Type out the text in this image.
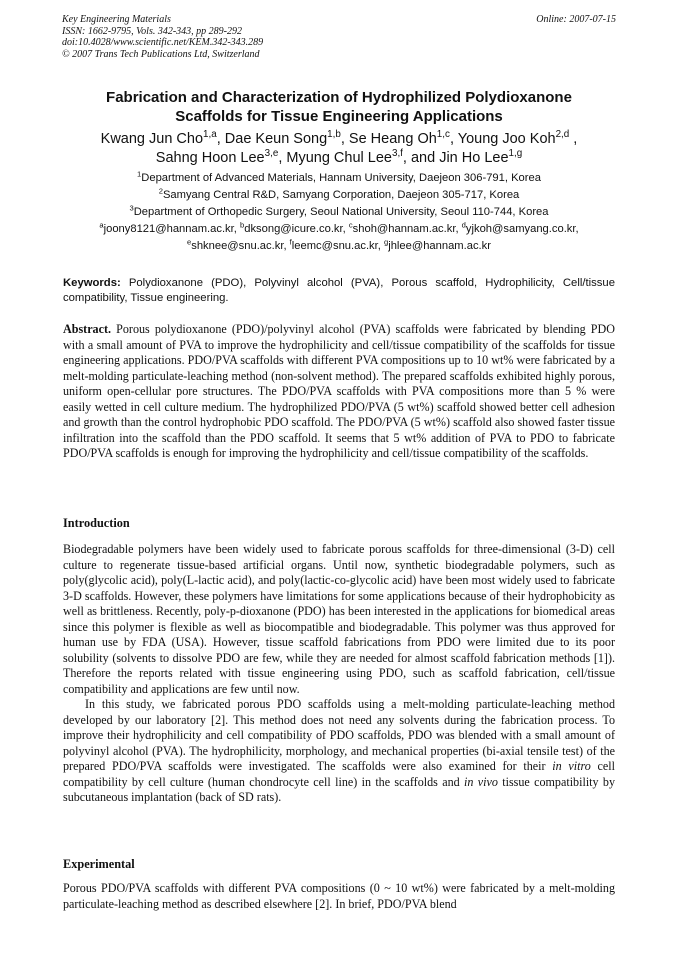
Key Engineering Materials
ISSN: 1662-9795, Vols. 342-343, pp 289-292
doi:10.4028/www.scientific.net/KEM.342-343.289
© 2007 Trans Tech Publications Ltd, Switzerland
Online: 2007-07-15
Fabrication and Characterization of Hydrophilized Polydioxanone
Scaffolds for Tissue Engineering Applications
Kwang Jun Cho$^{1,a}$, Dae Keun Song$^{1,b}$, Se Heang Oh$^{1,c}$, Young Joo Koh$^{2,d}$ ,
Sahng Hoon Lee$^{3,e}$, Myung Chul Lee$^{3,f}$, and Jin Ho Lee$^{1,g}$
$^1$Department of Advanced Materials, Hannam University, Daejeon 306-791, Korea
$^2$Samyang Central R&D, Samyang Corporation, Daejeon 305-717, Korea
$^3$Department of Orthopedic Surgery, Seoul National University, Seoul 110-744, Korea
$^a$joony8121@hannam.ac.kr, $^b$dksong@icure.co.kr, $^c$shoh@hannam.ac.kr, $^d$yjkoh@samyang.co.kr,
$^e$shknee@snu.ac.kr, $^f$leemc@snu.ac.kr, $^g$jhlee@hannam.ac.kr
Keywords: Polydioxanone (PDO), Polyvinyl alcohol (PVA), Porous scaffold, Hydrophilicity, Cell/tissue compatibility, Tissue engineering.
Abstract. Porous polydioxanone (PDO)/polyvinyl alcohol (PVA) scaffolds were fabricated by blending PDO with a small amount of PVA to improve the hydrophilicity and cell/tissue compatibility of the scaffolds for tissue engineering applications. PDO/PVA scaffolds with different PVA compositions up to 10 wt% were fabricated by a melt-molding particulate-leaching method (non-solvent method). The prepared scaffolds exhibited highly porous, uniform open-cellular pore structures. The PDO/PVA scaffolds with PVA compositions more than 5 % were easily wetted in cell culture medium. The hydrophilized PDO/PVA (5 wt%) scaffold showed better cell adhesion and growth than the control hydrophobic PDO scaffold. The PDO/PVA (5 wt%) scaffold also showed faster tissue infiltration into the scaffold than the PDO scaffold. It seems that 5 wt% addition of PVA to PDO to fabricate PDO/PVA scaffolds is enough for improving the hydrophilicity and cell/tissue compatibility of the scaffolds.
Introduction

Biodegradable polymers have been widely used to fabricate porous scaffolds for three-dimensional (3-D) cell culture to regenerate tissue-based artificial organs. Until now, synthetic biodegradable polymers, such as poly(glycolic acid), poly(L-lactic acid), and poly(lactic-co-glycolic acid) have been most widely used to fabricate 3-D scaffolds. However, these polymers have limitations for some applications because of their hydrophobicity as well as brittleness. Recently, poly-p-dioxanone (PDO) has been interested in the applications for biomedical areas since this polymer is flexible as well as biocompatible and biodegradable. This polymer was thus approved for human use by FDA (USA). However, tissue scaffold fabrications from PDO were limited due to its poor solubility (solvents to dissolve PDO are few, while they are needed for almost scaffold fabrication methods [1]). Therefore the reports related with tissue engineering using PDO, such as scaffold fabrication, cell/tissue compatibility and applications are few until now.

In this study, we fabricated porous PDO scaffolds using a melt-molding particulate-leaching method developed by our laboratory [2]. This method does not need any solvents during the fabrication process. To improve their hydrophilicity and cell compatibility of PDO scaffolds, PDO was blended with a small amount of polyvinyl alcohol (PVA). The hydrophilicity, morphology, and mechanical properties (bi-axial tensile test) of the prepared PDO/PVA scaffolds were investigated. The scaffolds were also examined for their in vitro cell compatibility by cell culture (human chondrocyte cell line) in the scaffolds and in vivo tissue compatibility by subcutaneous implantation (back of SD rats).

Experimental
Porous PDO/PVA scaffolds with different PVA compositions (0 ~ 10 wt%) were fabricated by a melt-molding particulate-leaching method as described elsewhere [2]. In brief, PDO/PVA blend
